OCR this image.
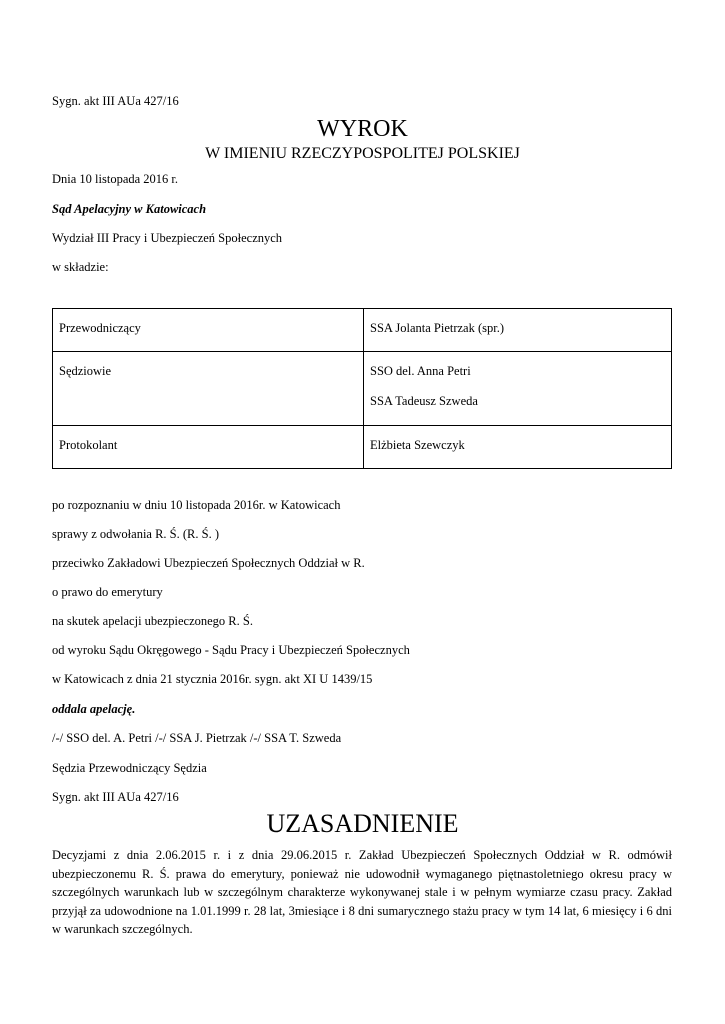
Sygn. akt III AUa 427/16
WYROK
W IMIENIU RZECZYPOSPOLITEJ POLSKIEJ
Dnia 10 listopada 2016 r.
Sąd Apelacyjny w Katowicach
Wydział III Pracy i Ubezpieczeń Społecznych
w składzie:
Przewodniczący	SSA Jolanta Pietrzak (spr.)
Sędziowie	SSO del. Anna Petri
SSA Tadeusz Szweda

Protokolant	Elżbieta Szewczyk
po rozpoznaniu w dniu 10 listopada 2016r. w Katowicach
sprawy z odwołania R. Ś. (R. Ś. )
przeciwko Zakładowi Ubezpieczeń Społecznych Oddział w R.
o prawo do emerytury
na skutek apelacji ubezpieczonego R. Ś.
od wyroku Sądu Okręgowego - Sądu Pracy i Ubezpieczeń Społecznych
w Katowicach z dnia 21 stycznia 2016r. sygn. akt XI U 1439/15
oddala apelację.
/-/ SSO del. A. Petri /-/ SSA J. Pietrzak /-/ SSA T. Szweda
Sędzia Przewodniczący Sędzia
Sygn. akt III AUa 427/16
UZASADNIENIE

Decyzjami z dnia 2.06.2015 r. i z dnia 29.06.2015 r. Zakład Ubezpieczeń Społecznych Oddział w R. odmówił ubezpieczonemu R. Ś. prawa do emerytury, ponieważ nie udowodnił wymaganego piętnastoletniego okresu pracy w szczególnych warunkach lub w szczególnym charakterze wykonywanej stale i w pełnym wymiarze czasu pracy. Zakład przyjął za udowodnione na 1.01.1999 r. 28 lat, 3miesiące i 8 dni sumarycznego stażu pracy w tym 14 lat, 6 miesięcy i 6 dni w warunkach szczególnych.
